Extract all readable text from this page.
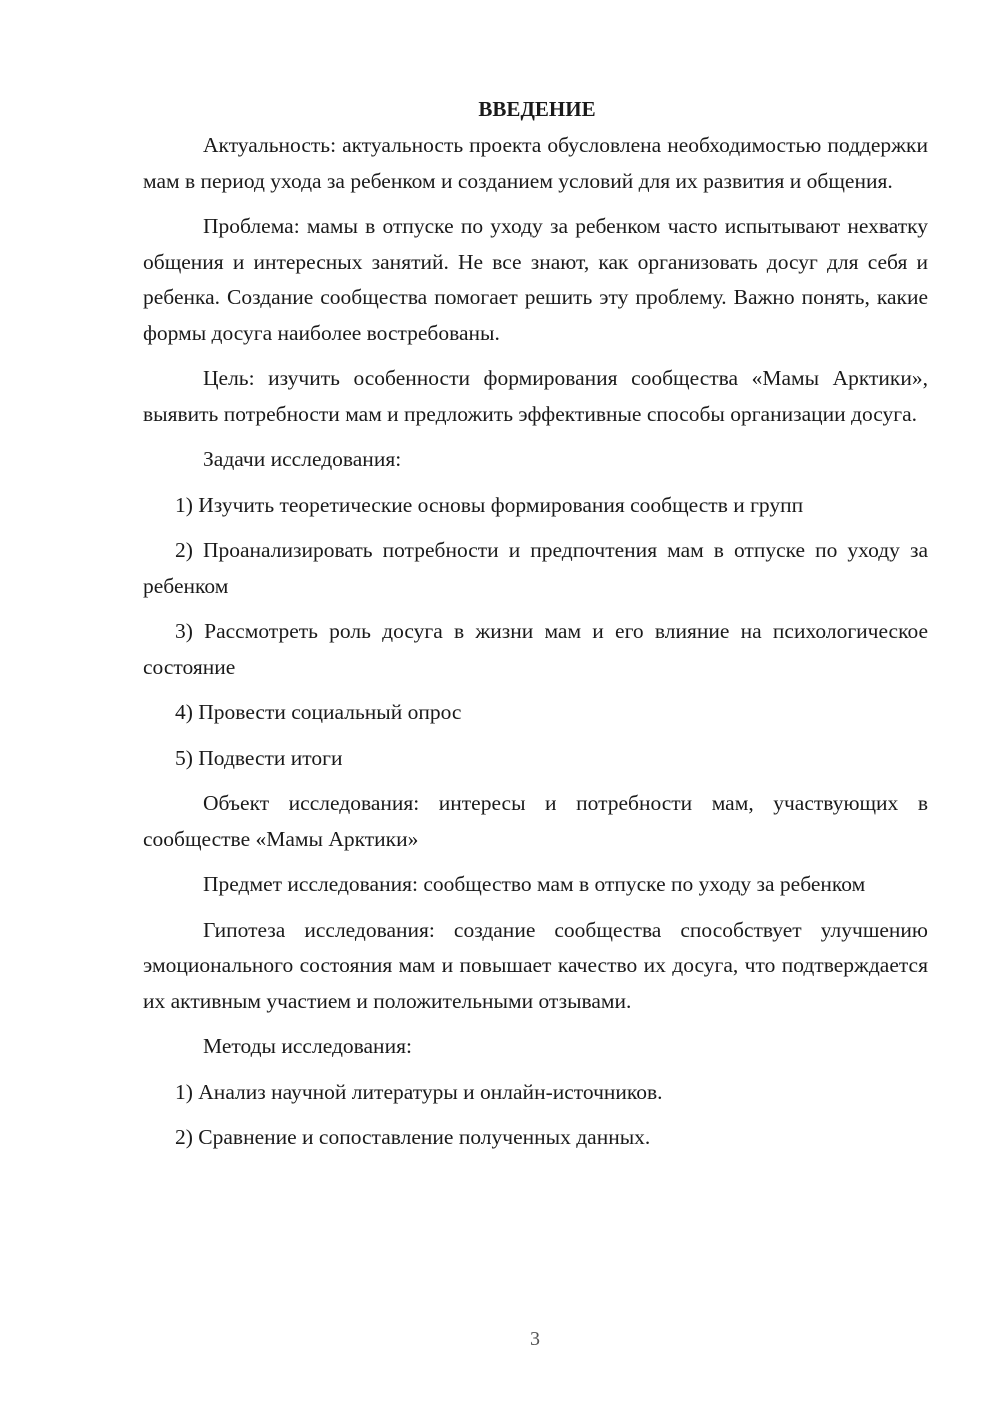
ВВЕДЕНИЕ

Актуальность: актуальность проекта обусловлена необходимостью поддержки мам в период ухода за ребенком и созданием условий для их развития и общения.

Проблема: мамы в отпуске по уходу за ребенком часто испытывают нехватку общения и интересных занятий. Не все знают, как организовать досуг для себя и ребенка. Создание сообщества помогает решить эту проблему. Важно понять, какие формы досуга наиболее востребованы.

Цель: изучить особенности формирования сообщества «Мамы Арктики», выявить потребности мам и предложить эффективные способы организации досуга.

Задачи исследования:

1) Изучить теоретические основы формирования сообществ и групп

2) Проанализировать потребности и предпочтения мам в отпуске по уходу за ребенком

3) Рассмотреть роль досуга в жизни мам и его влияние на психологическое состояние

4) Провести социальный опрос

5) Подвести итоги

Объект исследования: интересы и потребности мам, участвующих в сообществе «Мамы Арктики»

Предмет исследования: сообщество мам в отпуске по уходу за ребенком

Гипотеза исследования: создание сообщества способствует улучшению эмоционального состояния мам и повышает качество их досуга, что подтверждается их активным участием и положительными отзывами.

Методы исследования:

1) Анализ научной литературы и онлайн-источников.

2) Сравнение и сопоставление полученных данных.

3
